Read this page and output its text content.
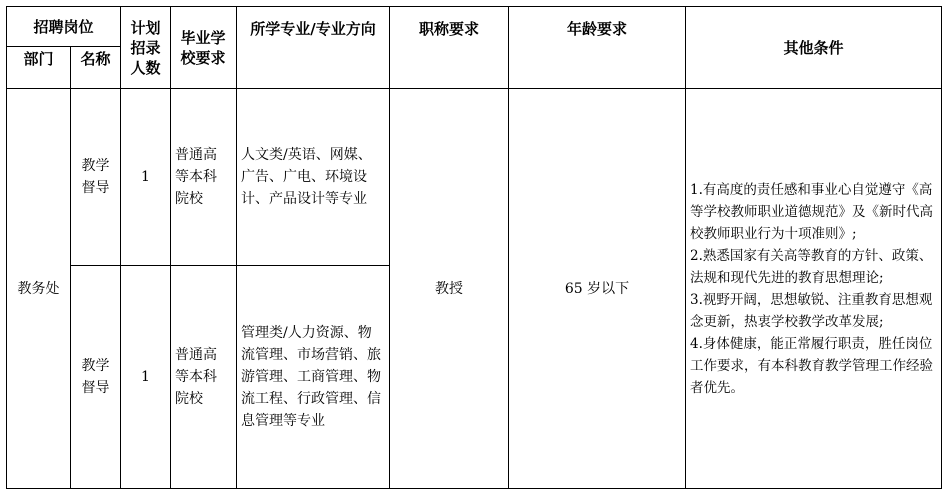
招聘岗位		计划招录人数	毕业学校要求	所学专业/专业方向	职称要求	年龄要求	其他条件
部门	名称						
教务处	教学督导	1	普通高等本科院校	人文类/英语、网媒、广告、广电、环境设计、产品设计等专业	教授	65 岁以下	1.有高度的责任感和事业心自觉遵守《高等学校教师职业道德规范》及《新时代高校教师职业行为十项准则》;
2.熟悉国家有关高等教育的方针、政策、法规和现代先进的教育思想理论;
3.视野开阔，思想敏锐、注重教育思想观念更新，热衷学校教学改革发展;
4.身体健康，能正常履行职责，胜任岗位工作要求，有本科教育教学管理工作经验者优先。

	教学督导	1	普通高等本科院校	管理类/人力资源、物流管理、市场营销、旅游管理、工商管理、物流工程、行政管理、信息管理等专业			
